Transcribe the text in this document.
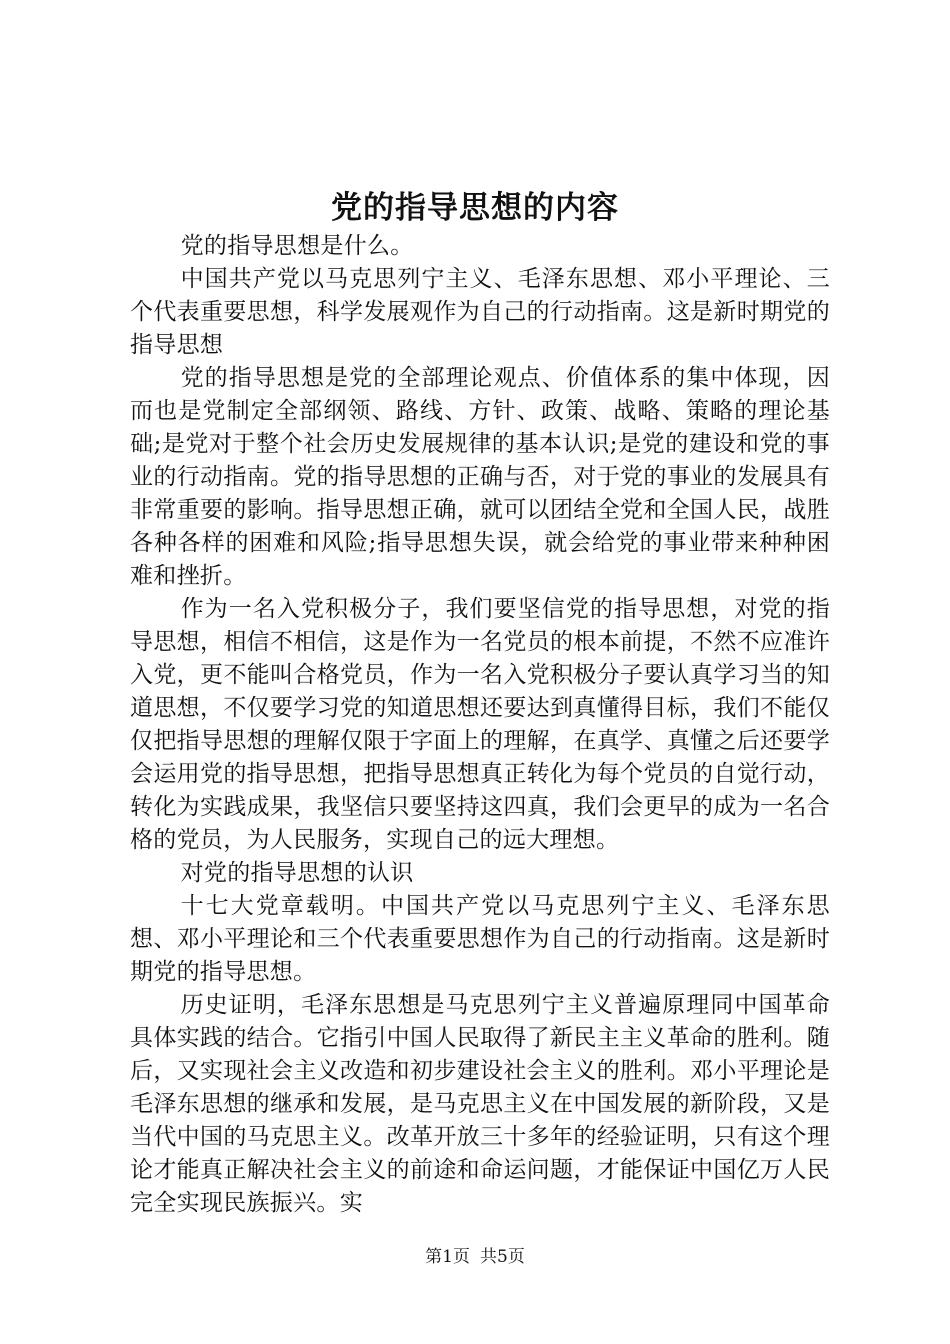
党的指导思想的内容

党的指导思想是什么。

中国共产党以马克思列宁主义、毛泽东思想、邓小平理论、三个代表重要思想，科学发展观作为自己的行动指南。这是新时期党的指导思想

党的指导思想是党的全部理论观点、价值体系的集中体现，因而也是党制定全部纲领、路线、方针、政策、战略、策略的理论基础;是党对于整个社会历史发展规律的基本认识;是党的建设和党的事业的行动指南。党的指导思想的正确与否，对于党的事业的发展具有非常重要的影响。指导思想正确，就可以团结全党和全国人民，战胜各种各样的困难和风险;指导思想失误，就会给党的事业带来种种困难和挫折。

作为一名入党积极分子，我们要坚信党的指导思想，对党的指导思想，相信不相信，这是作为一名党员的根本前提，不然不应准许入党，更不能叫合格党员，作为一名入党积极分子要认真学习当的知道思想，不仅要学习党的知道思想还要达到真懂得目标，我们不能仅仅把指导思想的理解仅限于字面上的理解，在真学、真懂之后还要学会运用党的指导思想，把指导思想真正转化为每个党员的自觉行动，转化为实践成果，我坚信只要坚持这四真，我们会更早的成为一名合格的党员，为人民服务，实现自己的远大理想。

对党的指导思想的认识

十七大党章载明。中国共产党以马克思列宁主义、毛泽东思想、邓小平理论和三个代表重要思想作为自己的行动指南。这是新时期党的指导思想。

历史证明，毛泽东思想是马克思列宁主义普遍原理同中国革命具体实践的结合。它指引中国人民取得了新民主主义革命的胜利。随后，又实现社会主义改造和初步建设社会主义的胜利。邓小平理论是毛泽东思想的继承和发展，是马克思主义在中国发展的新阶段，又是当代中国的马克思主义。改革开放三十多年的经验证明，只有这个理论才能真正解决社会主义的前途和命运问题，才能保证中国亿万人民完全实现民族振兴。实

第1页 共5页
